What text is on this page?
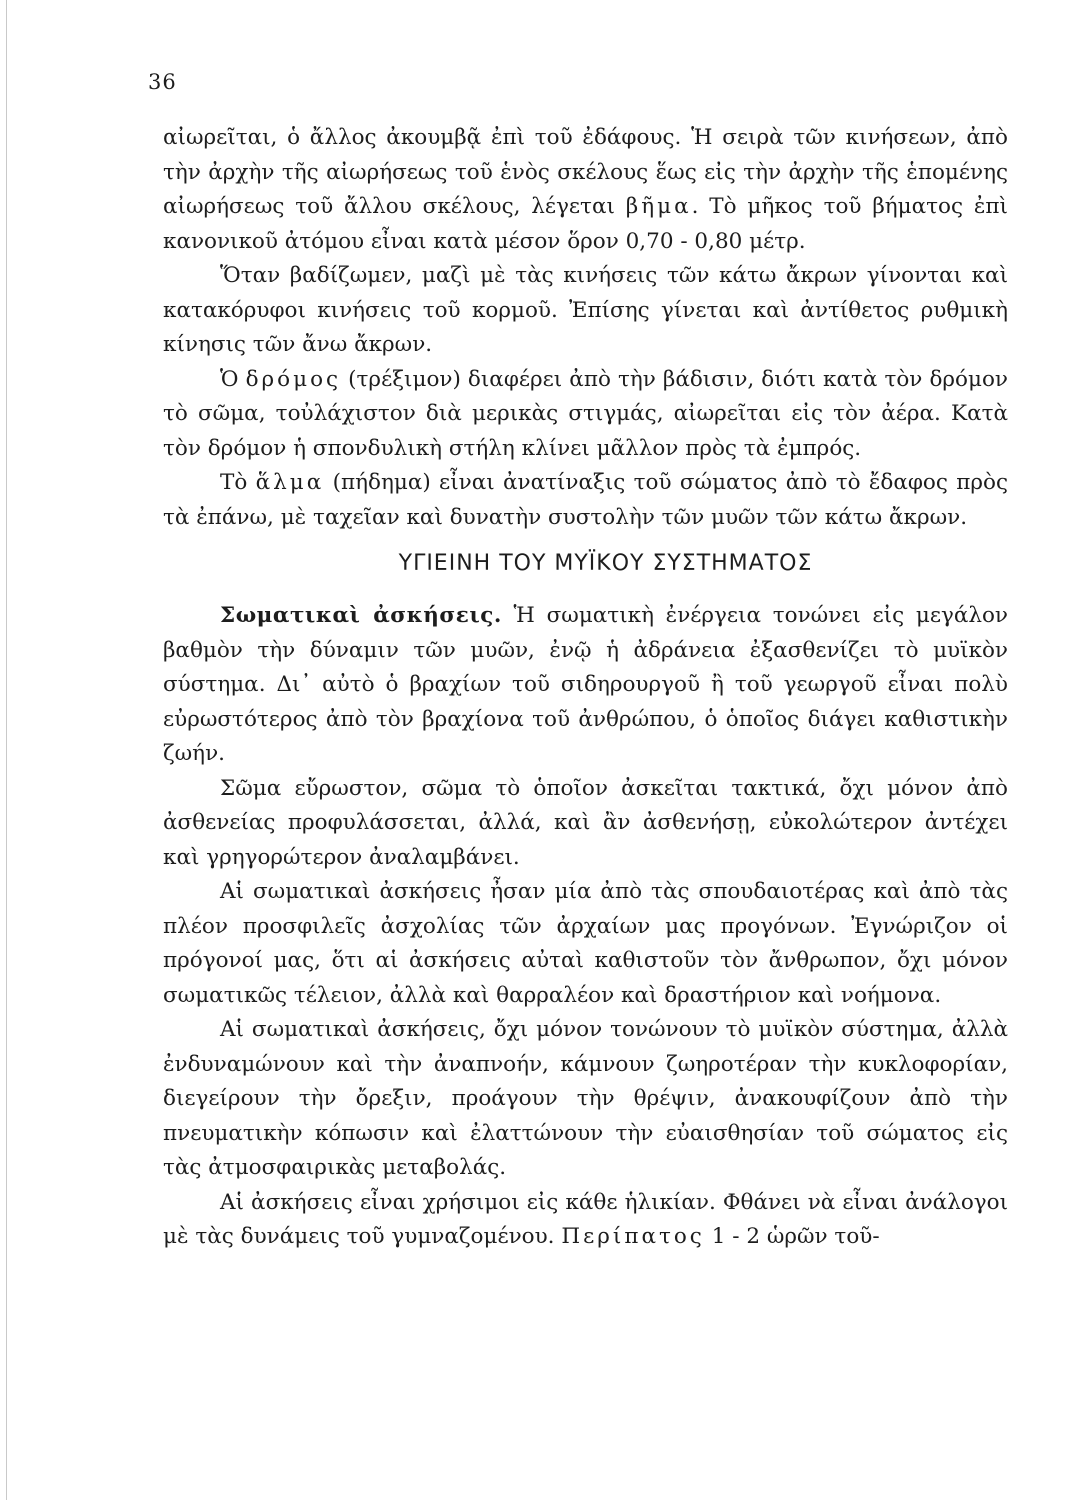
36

αἰωρεῖται, ὁ ἄλλος ἀκουμβᾷ ἐπὶ τοῦ ἐδάφους. Ἡ σειρὰ τῶν κινήσεων, ἀπὸ τὴν ἀρχὴν τῆς αἰωρήσεως τοῦ ἑνὸς σκέλους ἕως εἰς τὴν ἀρχὴν τῆς ἑπομένης αἰωρήσεως τοῦ ἄλλου σκέλους, λέγεται βῆμα. Τὸ μῆκος τοῦ βήματος ἐπὶ κανονικοῦ ἀτόμου εἶναι κατὰ μέσον ὅρον 0,70 - 0,80 μέτρ.

Ὅταν βαδίζωμεν, μαζὶ μὲ τὰς κινήσεις τῶν κάτω ἄκρων γίνονται καὶ κατακόρυφοι κινήσεις τοῦ κορμοῦ. Ἐπίσης γίνεται καὶ ἀντίθετος ρυθμικὴ κίνησις τῶν ἄνω ἄκρων.

Ὁ δρόμος (τρέξιμον) διαφέρει ἀπὸ τὴν βάδισιν, διότι κατὰ τὸν δρόμον τὸ σῶμα, τοὐλάχιστον διὰ μερικὰς στιγμάς, αἰωρεῖται εἰς τὸν ἀέρα. Κατὰ τὸν δρόμον ἡ σπονδυλικὴ στήλη κλίνει μᾶλλον πρὸς τὰ ἐμπρός.

Τὸ ἅλμα (πήδημα) εἶναι ἀνατίναξις τοῦ σώματος ἀπὸ τὸ ἔδαφος πρὸς τὰ ἐπάνω, μὲ ταχεῖαν καὶ δυνατὴν συστολὴν τῶν μυῶν τῶν κάτω ἄκρων.

ΥΓΙΕΙΝΗ ΤΟΥ ΜΥΪΚΟΥ ΣΥΣΤΗΜΑΤΟΣ

Σωματικαὶ ἀσκήσεις. Ἡ σωματικὴ ἐνέργεια τονώνει εἰς μεγάλον βαθμὸν τὴν δύναμιν τῶν μυῶν, ἐνῷ ἡ ἀδράνεια ἐξασθενίζει τὸ μυϊκὸν σύστημα. Δι᾽ αὐτὸ ὁ βραχίων τοῦ σιδηρουργοῦ ἢ τοῦ γεωργοῦ εἶναι πολὺ εὐρωστότερος ἀπὸ τὸν βραχίονα τοῦ ἀνθρώπου, ὁ ὁποῖος διάγει καθιστικὴν ζωήν.

Σῶμα εὔρωστον, σῶμα τὸ ὁποῖον ἀσκεῖται τακτικά, ὄχι μόνον ἀπὸ ἀσθενείας προφυλάσσεται, ἀλλά, καὶ ἂν ἀσθενήσῃ, εὐκολώτερον ἀντέχει καὶ γρηγορώτερον ἀναλαμβάνει.

Αἱ σωματικαὶ ἀσκήσεις ἦσαν μία ἀπὸ τὰς σπουδαιοτέρας καὶ ἀπὸ τὰς πλέον προσφιλεῖς ἀσχολίας τῶν ἀρχαίων μας προγόνων. Ἐγνώριζον οἱ πρόγονοί μας, ὅτι αἱ ἀσκήσεις αὐταὶ καθιστοῦν τὸν ἄνθρωπον, ὄχι μόνον σωματικῶς τέλειον, ἀλλὰ καὶ θαρραλέον καὶ δραστήριον καὶ νοήμονα.

Αἱ σωματικαὶ ἀσκήσεις, ὄχι μόνον τονώνουν τὸ μυϊκὸν σύστημα, ἀλλὰ ἐνδυναμώνουν καὶ τὴν ἀναπνοήν, κάμνουν ζωηροτέραν τὴν κυκλοφορίαν, διεγείρουν τὴν ὄρεξιν, προάγουν τὴν θρέψιν, ἀνακουφίζουν ἀπὸ τὴν πνευματικὴν κόπωσιν καὶ ἐλαττώνουν τὴν εὐαισθησίαν τοῦ σώματος εἰς τὰς ἀτμοσφαιρικὰς μεταβολάς.

Αἱ ἀσκήσεις εἶναι χρήσιμοι εἰς κάθε ἡλικίαν. Φθάνει νὰ εἶναι ἀνάλογοι μὲ τὰς δυνάμεις τοῦ γυμναζομένου. Περίπατος 1 - 2 ὡρῶν τοῦ-
